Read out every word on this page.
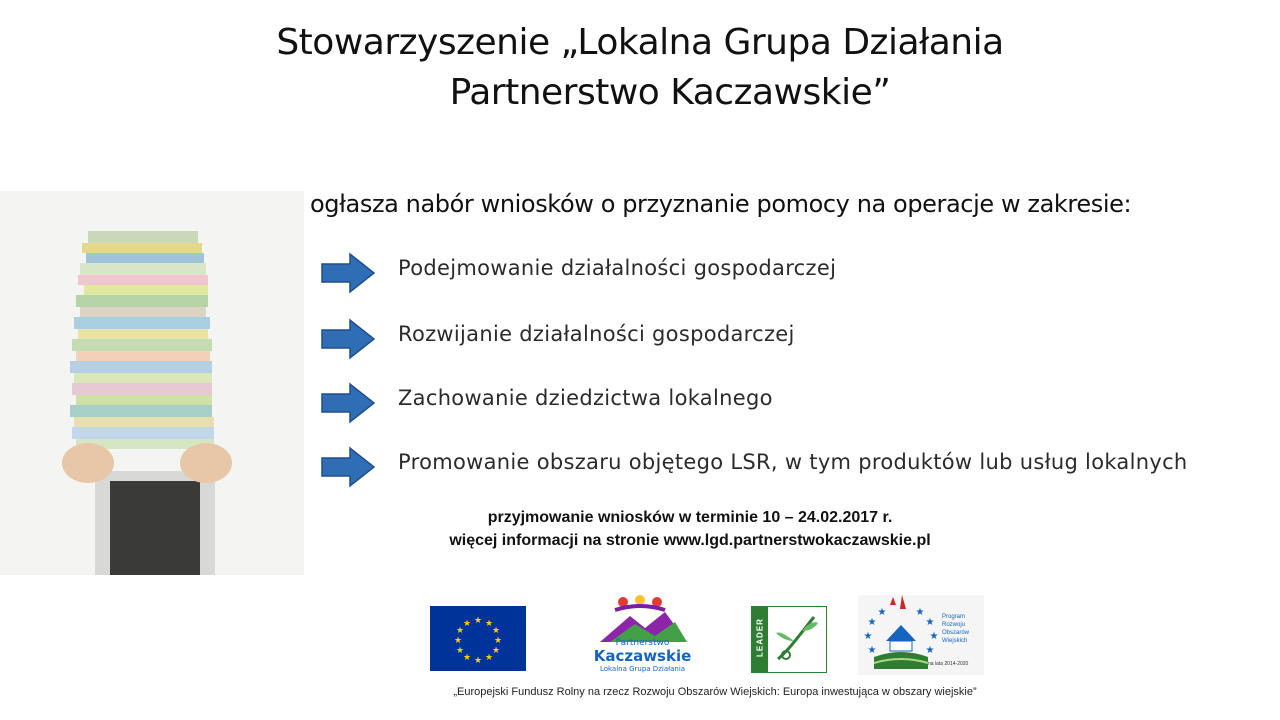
Stowarzyszenie „Lokalna Grupa Działania

Partnerstwo Kaczawskie”
ogłasza nabór wniosków o przyznanie pomocy na operacje w zakresie:
Podejmowanie działalności gospodarczej
Rozwijanie działalności gospodarczej
Zachowanie dziedzictwa lokalnego
Promowanie obszaru objętego LSR, w tym produktów lub usług lokalnych
przyjmowanie wniosków w terminie 10 – 24.02.2017 r.
więcej informacji na stronie www.lgd.partnerstwokaczawskie.pl
★ ★
★
★
★
★
★
★
★
★
★
★
Partnerstwo
Kaczawskie
Lokalna Grupa Działania
LEADER	★
★
★
★
★
★
★	★	Program
Rozwoju
Obszarów
Wiejskich
na lata 2014-2020
„Europejski Fundusz Rolny na rzecz Rozwoju Obszarów Wiejskich: Europa inwestująca w obszary wiejskie”
